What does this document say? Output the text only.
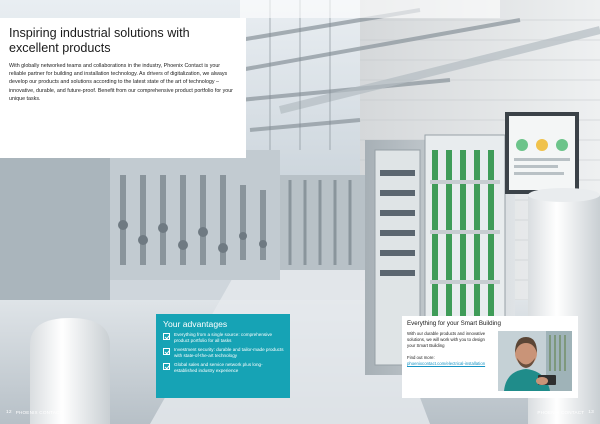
Inspiring industrial solutions with excellent products

With globally networked teams and collaborations in the industry, Phoenix Contact is your reliable partner for building and installation technology. As drivers of digitalization, we always develop our products and solutions according to the latest state of the art of technology – innovative, durable, and future-proof. Benefit from our comprehensive product portfolio for your unique tasks.

Your advantages
Everything from a single source: comprehensive product portfolio for all tasks
Investment security: durable and tailor-made products with state-of-the-art technology
Global sales and service network plus long-established industry experience
Everything for your Smart Building
With our durable products and innovative solutions, we will work with you to design your Smart Building
Find out more:
phoenixcontact.com/electrical-installation
12 PHOENIX CONTACT	PHOENIX CONTACT 13
